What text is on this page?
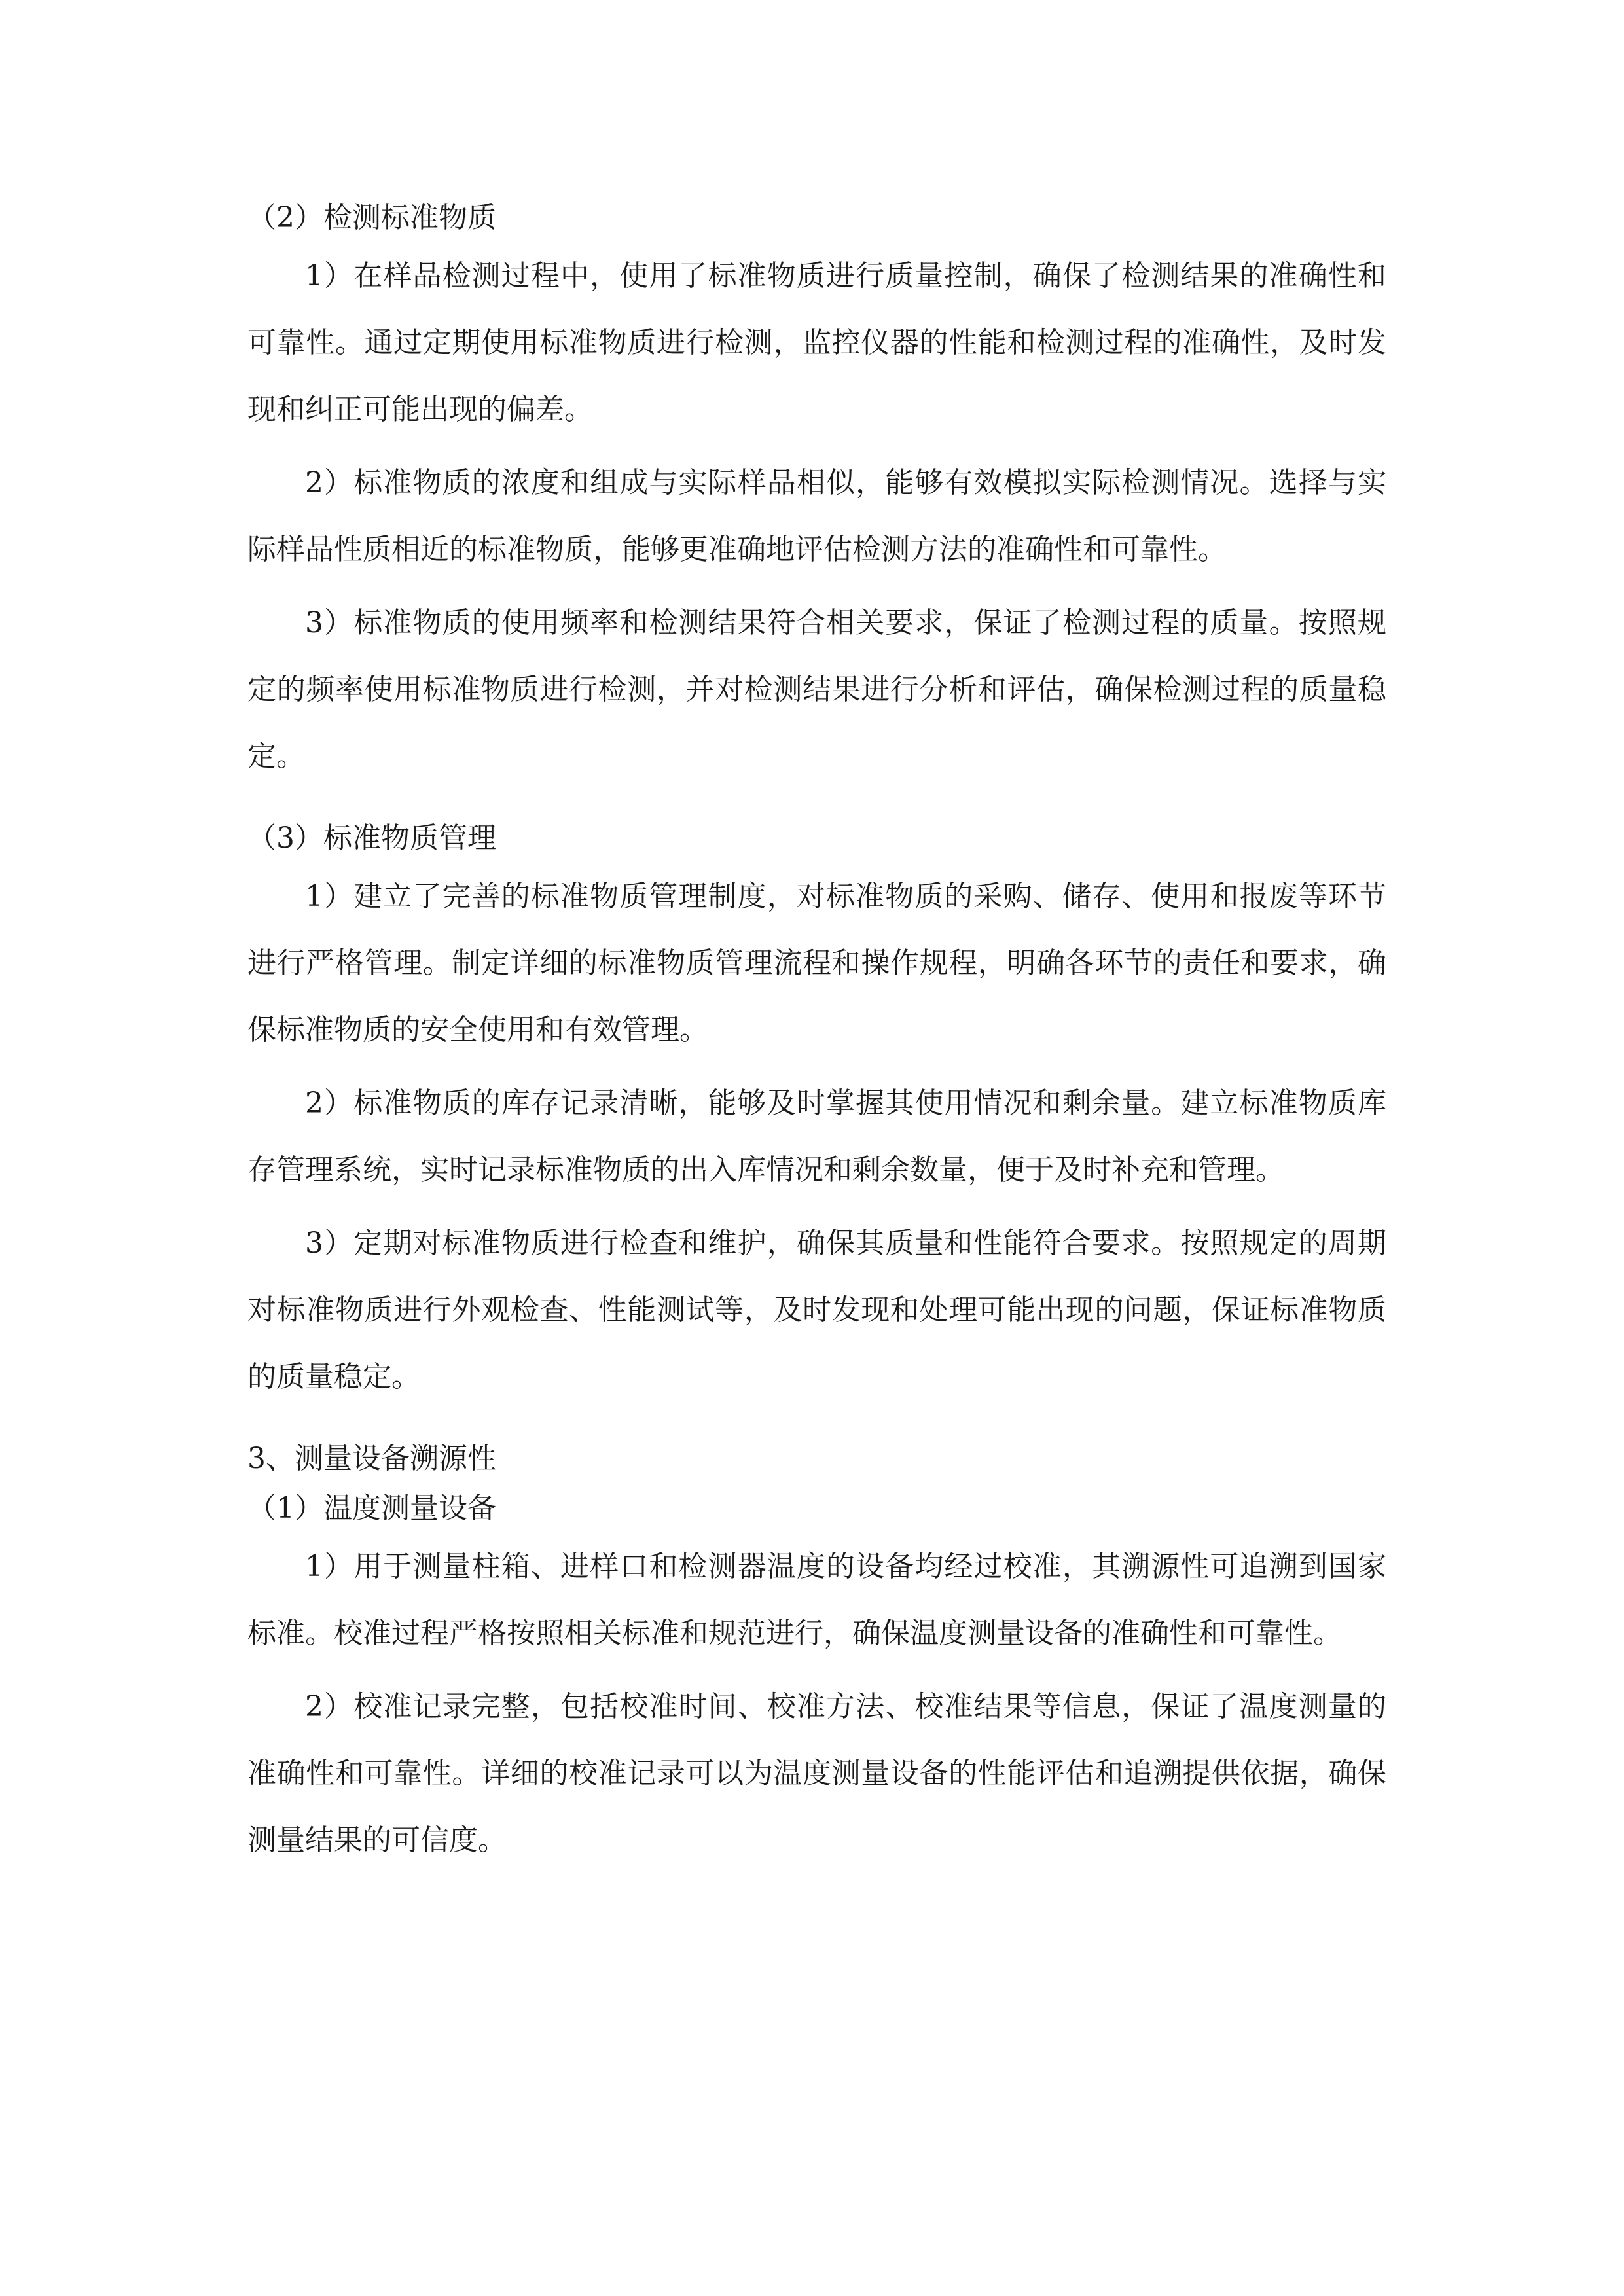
（2）检测标准物质

1）在样品检测过程中，使用了标准物质进行质量控制，确保了检测结果的准确性和可靠性。通过定期使用标准物质进行检测，监控仪器的性能和检测过程的准确性，及时发现和纠正可能出现的偏差。

2）标准物质的浓度和组成与实际样品相似，能够有效模拟实际检测情况。选择与实际样品性质相近的标准物质，能够更准确地评估检测方法的准确性和可靠性。

3）标准物质的使用频率和检测结果符合相关要求，保证了检测过程的质量。按照规定的频率使用标准物质进行检测，并对检测结果进行分析和评估，确保检测过程的质量稳定。

（3）标准物质管理

1）建立了完善的标准物质管理制度，对标准物质的采购、储存、使用和报废等环节进行严格管理。制定详细的标准物质管理流程和操作规程，明确各环节的责任和要求，确保标准物质的安全使用和有效管理。

2）标准物质的库存记录清晰，能够及时掌握其使用情况和剩余量。建立标准物质库存管理系统，实时记录标准物质的出入库情况和剩余数量，便于及时补充和管理。

3）定期对标准物质进行检查和维护，确保其质量和性能符合要求。按照规定的周期对标准物质进行外观检查、性能测试等，及时发现和处理可能出现的问题，保证标准物质的质量稳定。

3、测量设备溯源性

（1）温度测量设备

1）用于测量柱箱、进样口和检测器温度的设备均经过校准，其溯源性可追溯到国家标准。校准过程严格按照相关标准和规范进行，确保温度测量设备的准确性和可靠性。

2）校准记录完整，包括校准时间、校准方法、校准结果等信息，保证了温度测量的准确性和可靠性。详细的校准记录可以为温度测量设备的性能评估和追溯提供依据，确保测量结果的可信度。
